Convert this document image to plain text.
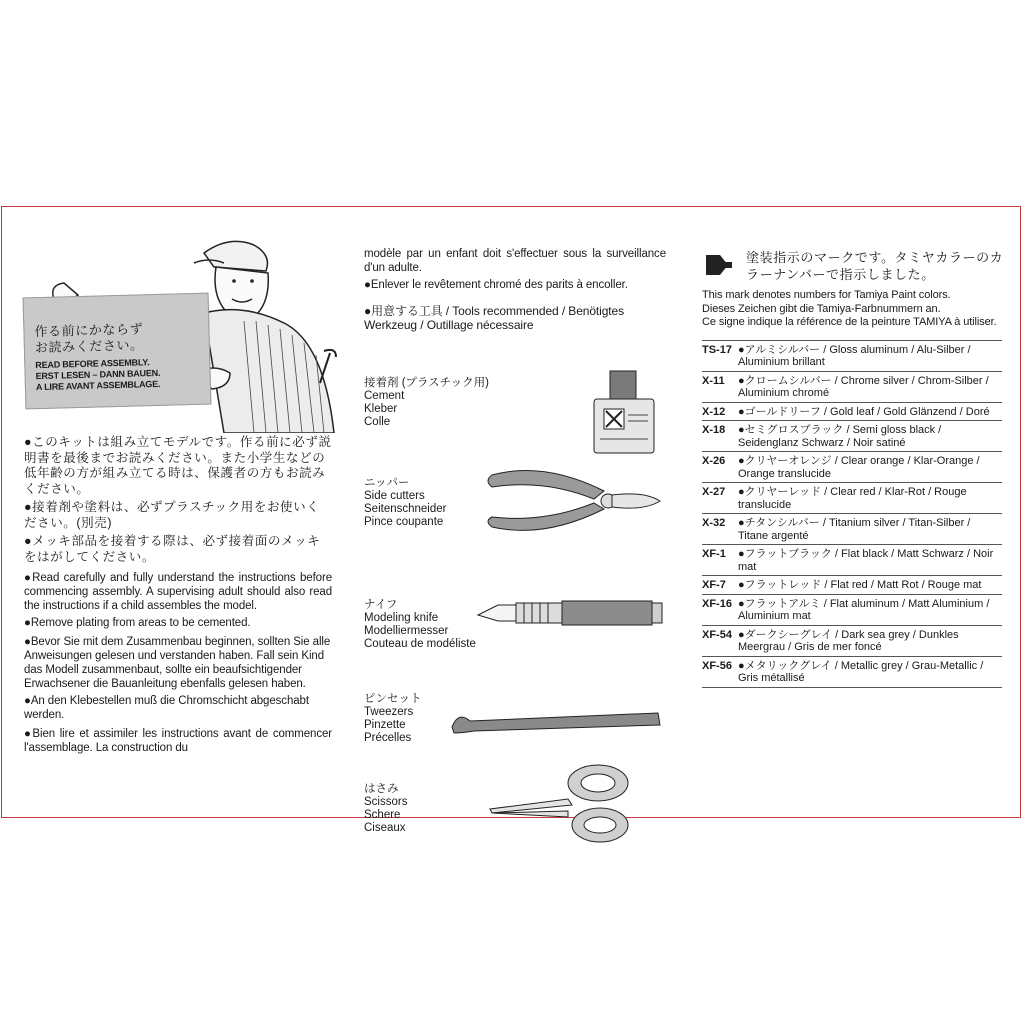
作る前にかならず
お読みください。
READ BEFORE ASSEMBLY.
ERST LESEN – DANN BAUEN.
A LIRE AVANT ASSEMBLAGE.
●このキットは組み立てモデルです。作る前に必ず説明書を最後までお読みください。また小学生などの低年齢の方が組み立てる時は、保護者の方もお読みください。
●接着剤や塗料は、必ずプラスチック用をお使いください。(別売)
●メッキ部品を接着する際は、必ず接着面のメッキをはがしてください。
●Read carefully and fully understand the instructions before commencing assembly. A supervising adult should also read the instructions if a child assembles the model.
●Remove plating from areas to be cemented.
●Bevor Sie mit dem Zusammenbau beginnen, sollten Sie alle Anweisungen gelesen und verstanden haben. Fall sein Kind das Modell zusammenbaut, sollte ein beaufsichtigender Erwachsener die Bauanleitung ebenfalls gelesen haben.
●An den Klebestellen muß die Chromschicht abgeschabt werden.
●Bien lire et assimiler les instructions avant de commencer l'assemblage. La construction du
modèle par un enfant doit s'effectuer sous la surveillance d'un adulte.
●Enlever le revêtement chromé des parits à encoller.
●用意する工具 / Tools recommended / Benötigtes Werkzeug / Outillage nécessaire
接着剤 (プラスチック用)
Cement
Kleber
Colle
ニッパー
Side cutters
Seitenschneider
Pince coupante
ナイフ
Modeling knife
Modelliermesser
Couteau de modéliste
ピンセット
Tweezers
Pinzette
Précelles
はさみ
Scissors
Schere
Ciseaux
塗装指示のマークです。タミヤカラーのカラーナンバーで指示しました。
This mark denotes numbers for Tamiya Paint colors.
Dieses Zeichen gibt die Tamiya-Farbnummern an.
Ce signe indique la référence de la peinture TAMIYA à utiliser.
TS-17 ●アルミシルバー / Gloss aluminum / Alu-Silber / Aluminium brillant
X-11	●クロームシルバー / Chrome silver / Chrom-Silber / Aluminium chromé
X-12	●ゴールドリーフ / Gold leaf / Gold Glänzend / Doré
X-18	●セミグロスブラック / Semi gloss black / Seidenglanz Schwarz / Noir satiné
X-26	●クリヤーオレンジ / Clear orange / Klar-Orange / Orange translucide
X-27	●クリヤーレッド / Clear red / Klar-Rot / Rouge translucide
X-32	●チタンシルバー / Titanium silver / Titan-Silber / Titane argenté
XF-1	●フラットブラック / Flat black / Matt Schwarz / Noir mat
XF-7	●フラットレッド / Flat red / Matt Rot / Rouge mat
XF-16 ●フラットアルミ / Flat aluminum / Matt Aluminium / Aluminium mat
XF-54 ●ダークシーグレイ / Dark sea grey / Dunkles Meergrau / Gris de mer foncé
XF-56 ●メタリックグレイ / Metallic grey / Grau-Metallic / Gris métallisé
